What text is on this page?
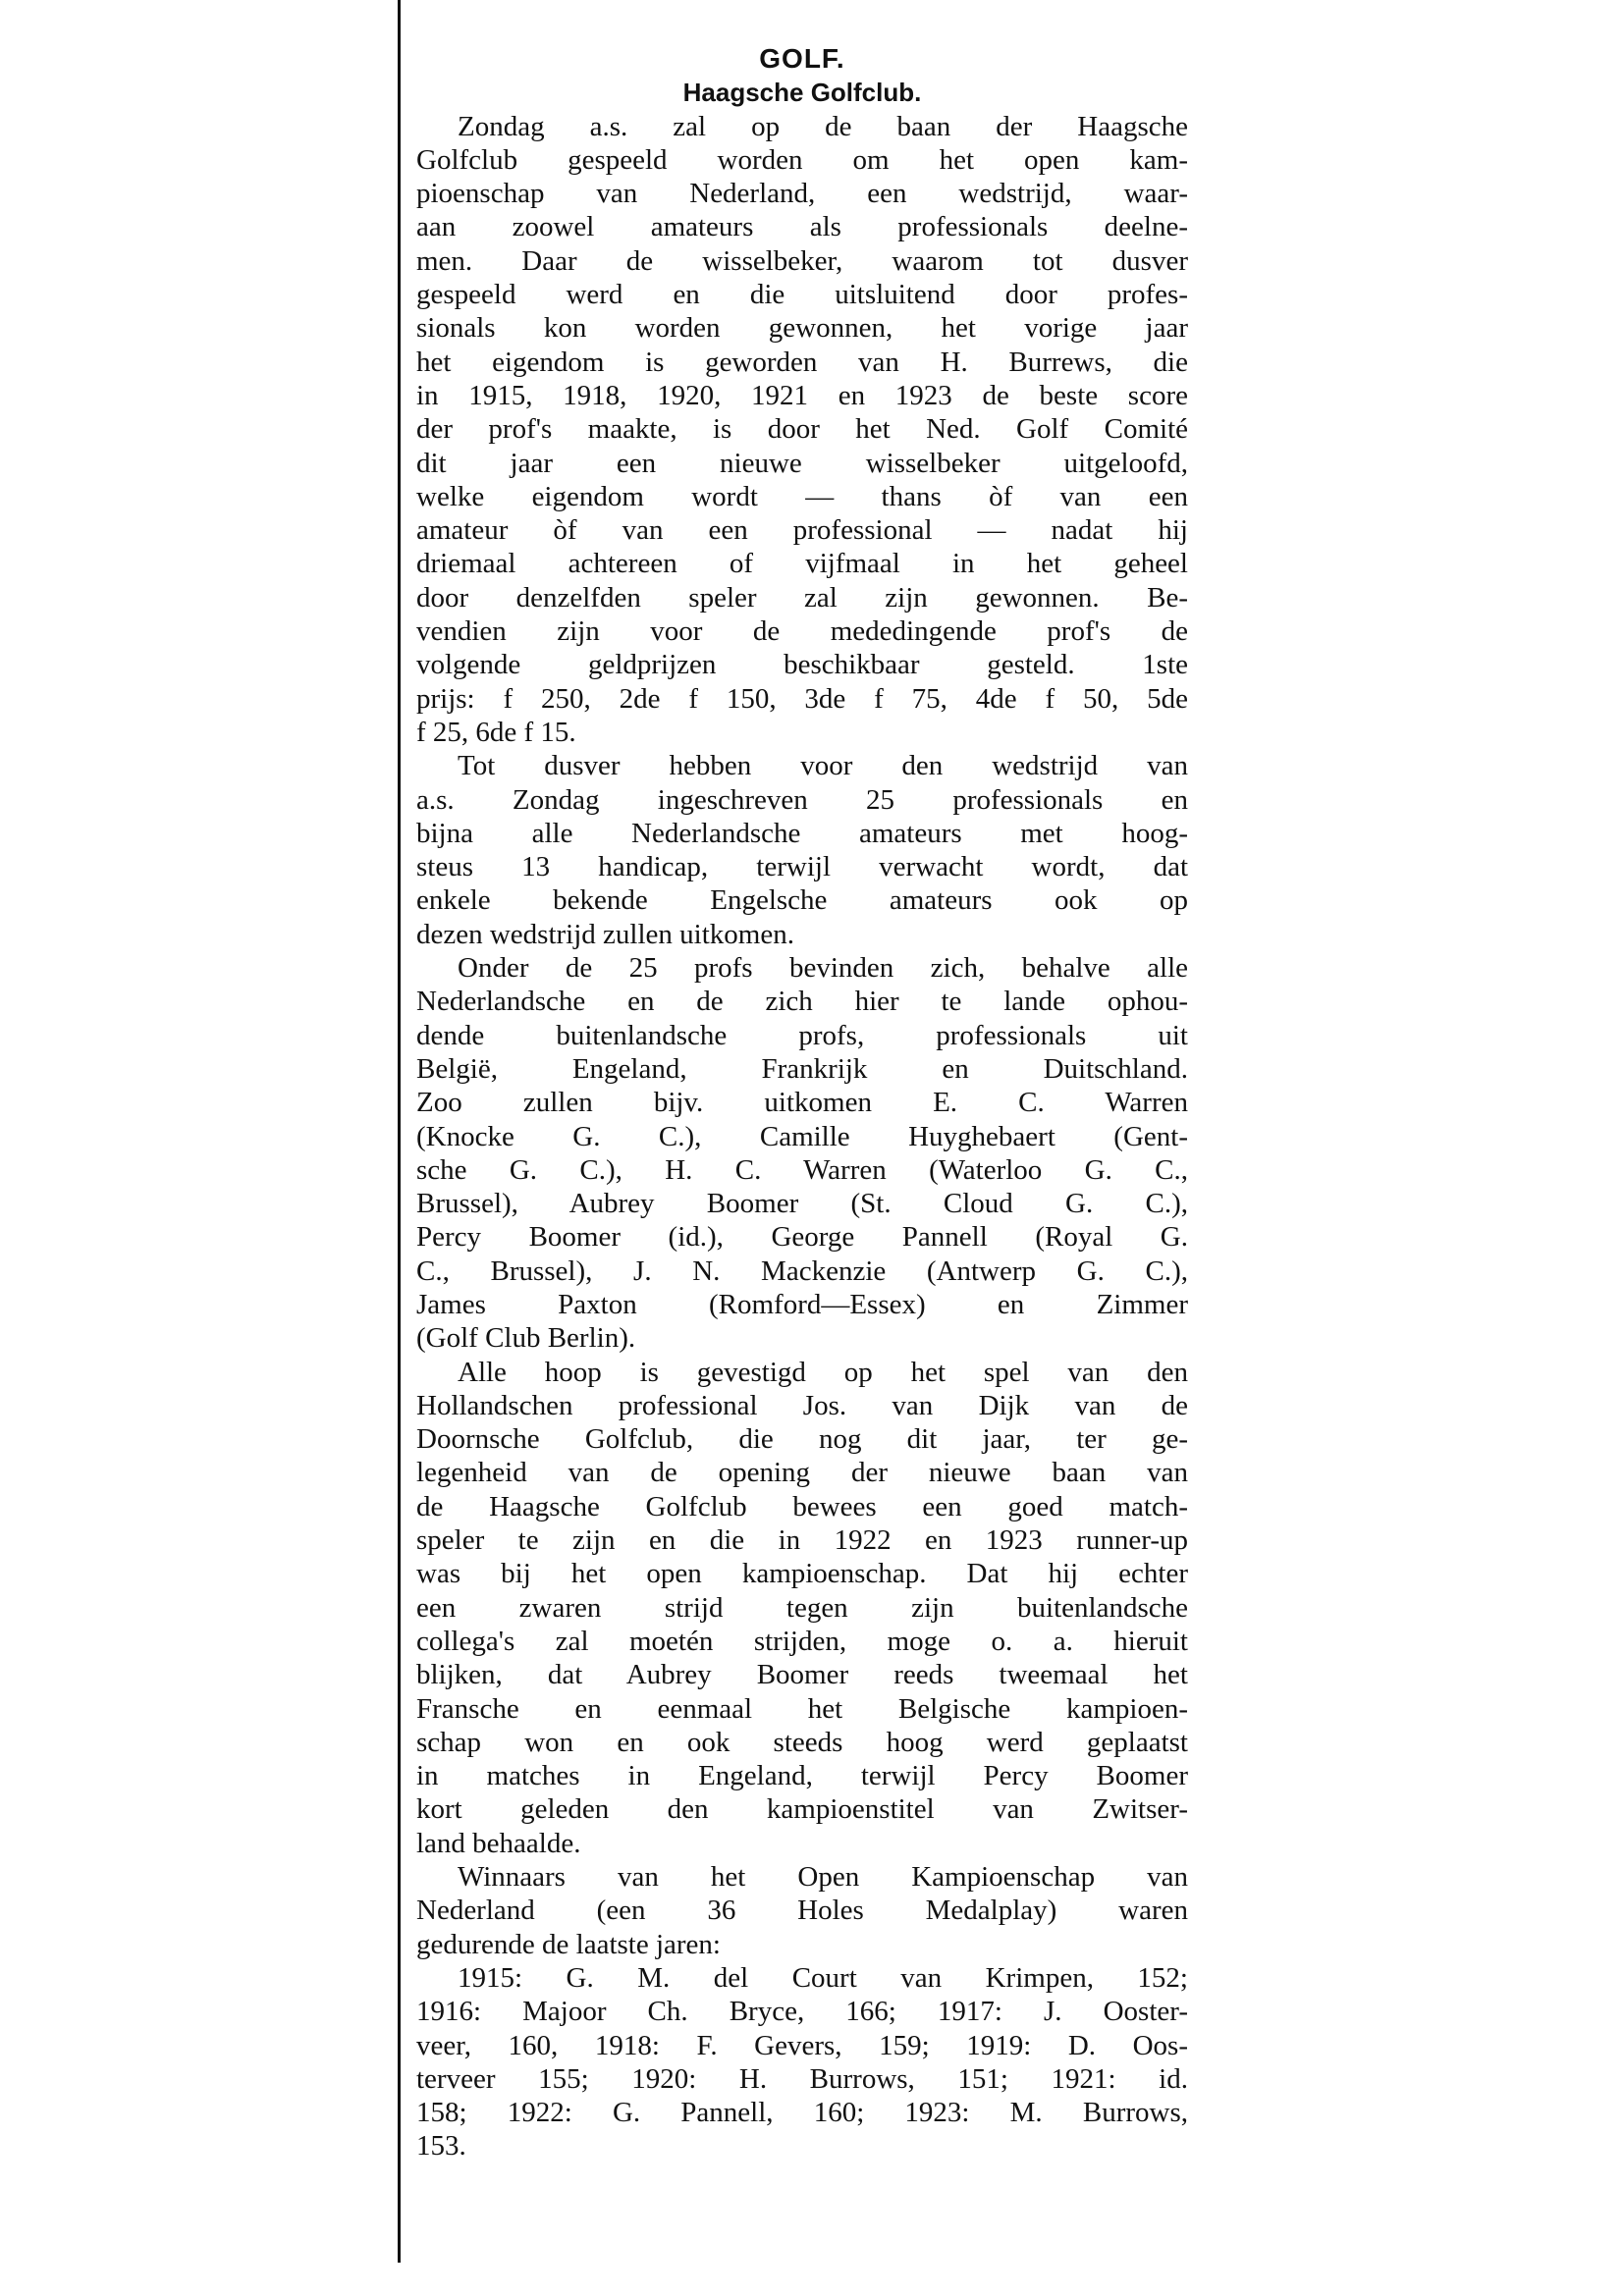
GOLF.
Haagsche Golfclub.
Zondag a.s. zal op de baan der Haagsche
Golfclub gespeeld worden om het open kam-
pioenschap van Nederland, een wedstrijd, waar-
aan zoowel amateurs als professionals deelne-
men. Daar de wisselbeker, waarom tot dusver
gespeeld werd en die uitsluitend door profes-
sionals kon worden gewonnen, het vorige jaar
het eigendom is geworden van H. Burrews, die
in 1915, 1918, 1920, 1921 en 1923 de beste score
der prof's maakte, is door het Ned. Golf Comité
dit jaar een nieuwe wisselbeker uitgeloofd,
welke eigendom wordt — thans òf van een
amateur òf van een professional — nadat hij
driemaal achtereen of vijfmaal in het geheel
door denzelfden speler zal zijn gewonnen. Be-
vendien zijn voor de mededingende prof's de
volgende geldprijzen beschikbaar gesteld. 1ste
prijs: f 250, 2de f 150, 3de f 75, 4de f 50, 5de
f 25, 6de f 15.
Tot dusver hebben voor den wedstrijd van
a.s. Zondag ingeschreven 25 professionals en
bijna alle Nederlandsche amateurs met hoog-
steus 13 handicap, terwijl verwacht wordt, dat
enkele bekende Engelsche amateurs ook op
dezen wedstrijd zullen uitkomen.
Onder de 25 profs bevinden zich, behalve alle
Nederlandsche en de zich hier te lande ophou-
dende buitenlandsche profs, professionals uit
België, Engeland, Frankrijk en Duitschland.
Zoo zullen bijv. uitkomen E. C. Warren
(Knocke G. C.), Camille Huyghebaert (Gent-
sche G. C.), H. C. Warren (Waterloo G. C.,
Brussel), Aubrey Boomer (St. Cloud G. C.),
Percy Boomer (id.), George Pannell (Royal G.
C., Brussel), J. N. Mackenzie (Antwerp G. C.),
James Paxton (Romford—Essex) en Zimmer
(Golf Club Berlin).
Alle hoop is gevestigd op het spel van den
Hollandschen professional Jos. van Dijk van de
Doornsche Golfclub, die nog dit jaar, ter ge-
legenheid van de opening der nieuwe baan van
de Haagsche Golfclub bewees een goed match-
speler te zijn en die in 1922 en 1923 runner-up
was bij het open kampioenschap. Dat hij echter
een zwaren strijd tegen zijn buitenlandsche
collega's zal moetén strijden, moge o. a. hieruit
blijken, dat Aubrey Boomer reeds tweemaal het
Fransche en eenmaal het Belgische kampioen-
schap won en ook steeds hoog werd geplaatst
in matches in Engeland, terwijl Percy Boomer
kort geleden den kampioenstitel van Zwitser-
land behaalde.
Winnaars van het Open Kampioenschap van
Nederland (een 36 Holes Medalplay) waren
gedurende de laatste jaren:
1915: G. M. del Court van Krimpen, 152;
1916: Majoor Ch. Bryce, 166; 1917: J. Ooster-
veer, 160, 1918: F. Gevers, 159; 1919: D. Oos-
terveer 155; 1920: H. Burrows, 151; 1921: id.
158; 1922: G. Pannell, 160; 1923: M. Burrows,
153.
